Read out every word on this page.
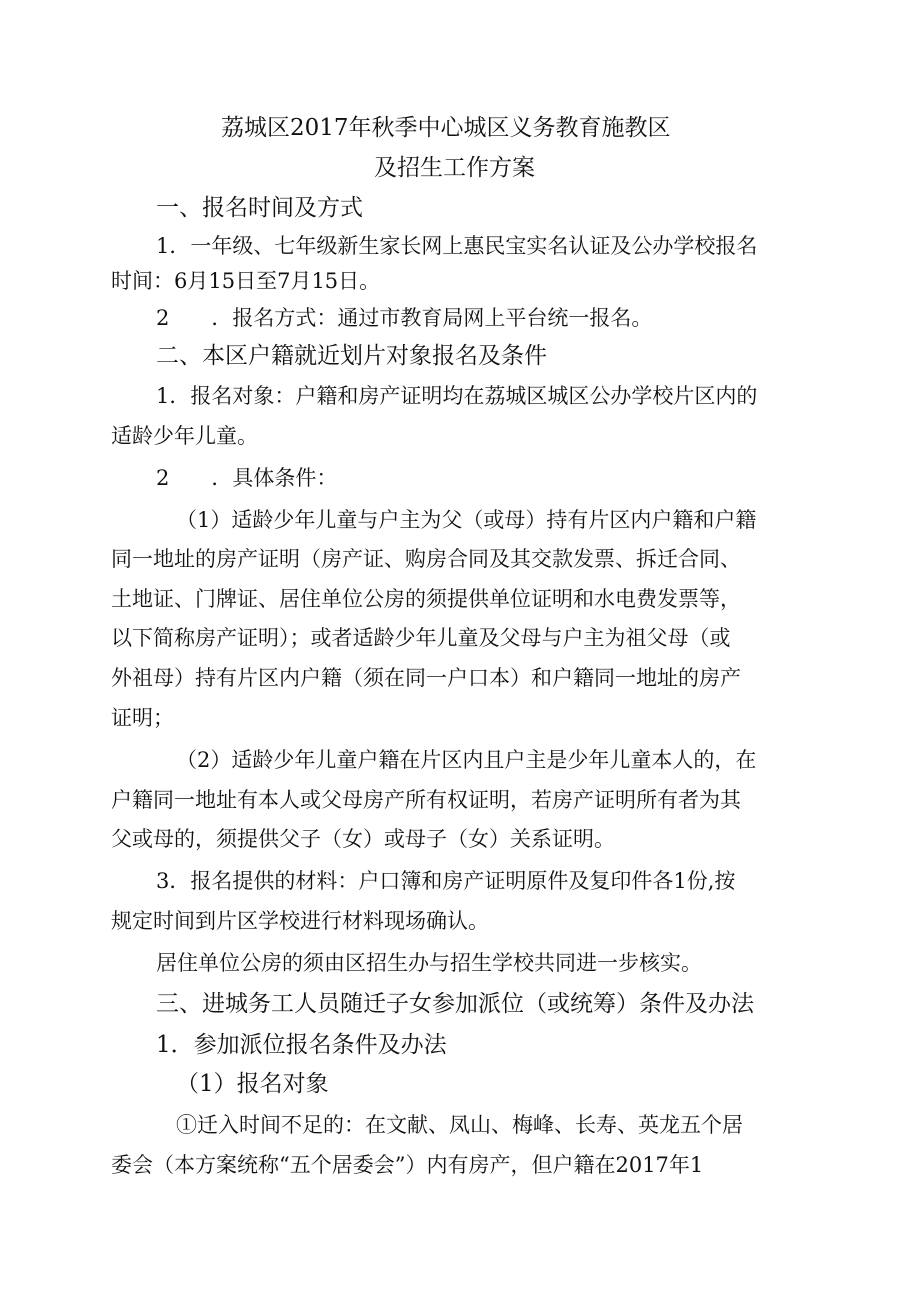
荔城区2017年秋季中心城区义务教育施教区
及招生工作方案
一、报名时间及方式
1．一年级、七年级新生家长网上惠民宝实名认证及公办学校报名
时间：6月15日至7月15日。
2　　．报名方式：通过市教育局网上平台统一报名。
二、本区户籍就近划片对象报名及条件
1．报名对象：户籍和房产证明均在荔城区城区公办学校片区内的
适龄少年儿童。
2　　．具体条件：
（1）适龄少年儿童与户主为父（或母）持有片区内户籍和户籍
同一地址的房产证明（房产证、购房合同及其交款发票、拆迁合同、
土地证、门牌证、居住单位公房的须提供单位证明和水电费发票等，
以下简称房产证明）；或者适龄少年儿童及父母与户主为祖父母（或
外祖母）持有片区内户籍（须在同一户口本）和户籍同一地址的房产
证明；
（2）适龄少年儿童户籍在片区内且户主是少年儿童本人的，在
户籍同一地址有本人或父母房产所有权证明，若房产证明所有者为其
父或母的，须提供父子（女）或母子（女）关系证明。
3．报名提供的材料：户口簿和房产证明原件及复印件各1份,按
规定时间到片区学校进行材料现场确认。
居住单位公房的须由区招生办与招生学校共同进一步核实。
三、进城务工人员随迁子女参加派位（或统筹）条件及办法
1．参加派位报名条件及办法
（1）报名对象
①迁入时间不足的：在文献、凤山、梅峰、长寿、英龙五个居
委会（本方案统称“五个居委会”）内有房产，但户籍在2017年1
